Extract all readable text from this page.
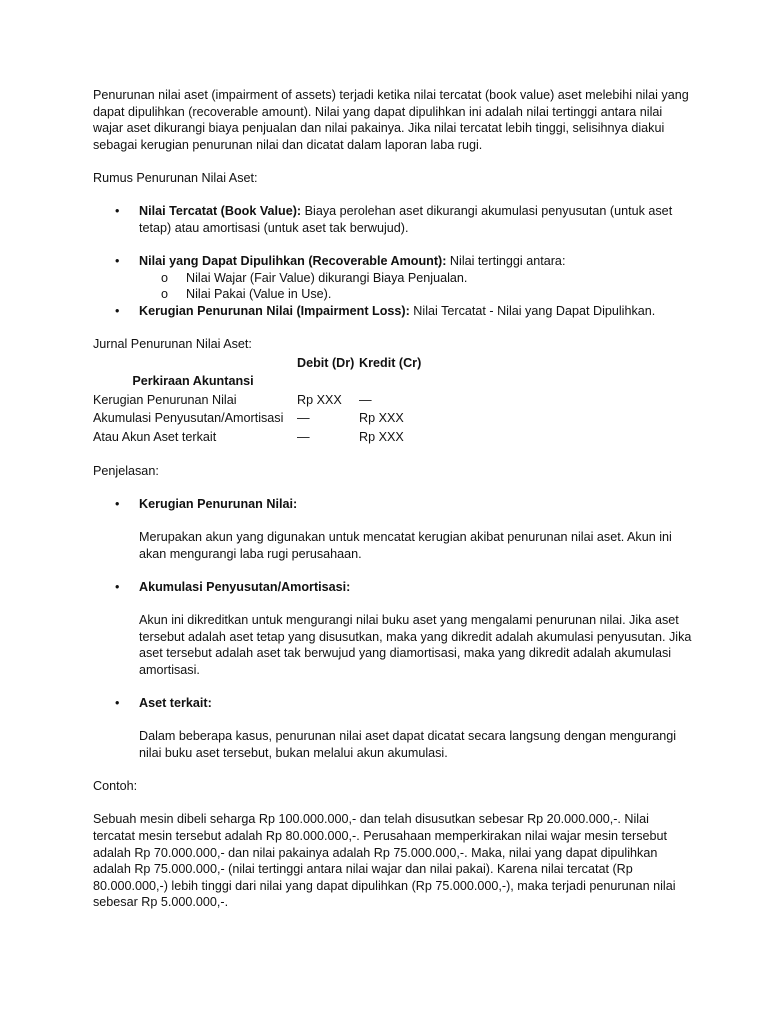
Penurunan nilai aset (impairment of assets) terjadi ketika nilai tercatat (book value) aset melebihi nilai yang dapat dipulihkan (recoverable amount). Nilai yang dapat dipulihkan ini adalah nilai tertinggi antara nilai wajar aset dikurangi biaya penjualan dan nilai pakainya. Jika nilai tercatat lebih tinggi, selisihnya diakui sebagai kerugian penurunan nilai dan dicatat dalam laporan laba rugi.

Rumus Penurunan Nilai Aset:

• Nilai Tercatat (Book Value): Biaya perolehan aset dikurangi akumulasi penyusutan (untuk aset tetap) atau amortisasi (untuk aset tak berwujud).
• Nilai yang Dapat Dipulihkan (Recoverable Amount): Nilai tertinggi antara:
o Nilai Wajar (Fair Value) dikurangi Biaya Penjualan.
o Nilai Pakai (Value in Use).
• Kerugian Penurunan Nilai (Impairment Loss): Nilai Tercatat - Nilai yang Dapat Dipulihkan.

Jurnal Penurunan Nilai Aset:

Perkiraan Akuntansi	Debit (Dr)	Kredit (Cr)
Kerugian Penurunan Nilai	Rp XXX	—
Akumulasi Penyusutan/Amortisasi	—	Rp XXX
Atau Akun Aset terkait	—	Rp XXX

Penjelasan:

• Kerugian Penurunan Nilai:

Merupakan akun yang digunakan untuk mencatat kerugian akibat penurunan nilai aset. Akun ini akan mengurangi laba rugi perusahaan.

• Akumulasi Penyusutan/Amortisasi:

Akun ini dikreditkan untuk mengurangi nilai buku aset yang mengalami penurunan nilai. Jika aset tersebut adalah aset tetap yang disusutkan, maka yang dikredit adalah akumulasi penyusutan. Jika aset tersebut adalah aset tak berwujud yang diamortisasi, maka yang dikredit adalah akumulasi amortisasi.

• Aset terkait:

Dalam beberapa kasus, penurunan nilai aset dapat dicatat secara langsung dengan mengurangi nilai buku aset tersebut, bukan melalui akun akumulasi.

Contoh:

Sebuah mesin dibeli seharga Rp 100.000.000,- dan telah disusutkan sebesar Rp 20.000.000,-. Nilai tercatat mesin tersebut adalah Rp 80.000.000,-. Perusahaan memperkirakan nilai wajar mesin tersebut adalah Rp 70.000.000,- dan nilai pakainya adalah Rp 75.000.000,-. Maka, nilai yang dapat dipulihkan adalah Rp 75.000.000,- (nilai tertinggi antara nilai wajar dan nilai pakai). Karena nilai tercatat (Rp 80.000.000,-) lebih tinggi dari nilai yang dapat dipulihkan (Rp 75.000.000,-), maka terjadi penurunan nilai sebesar Rp 5.000.000,-.
